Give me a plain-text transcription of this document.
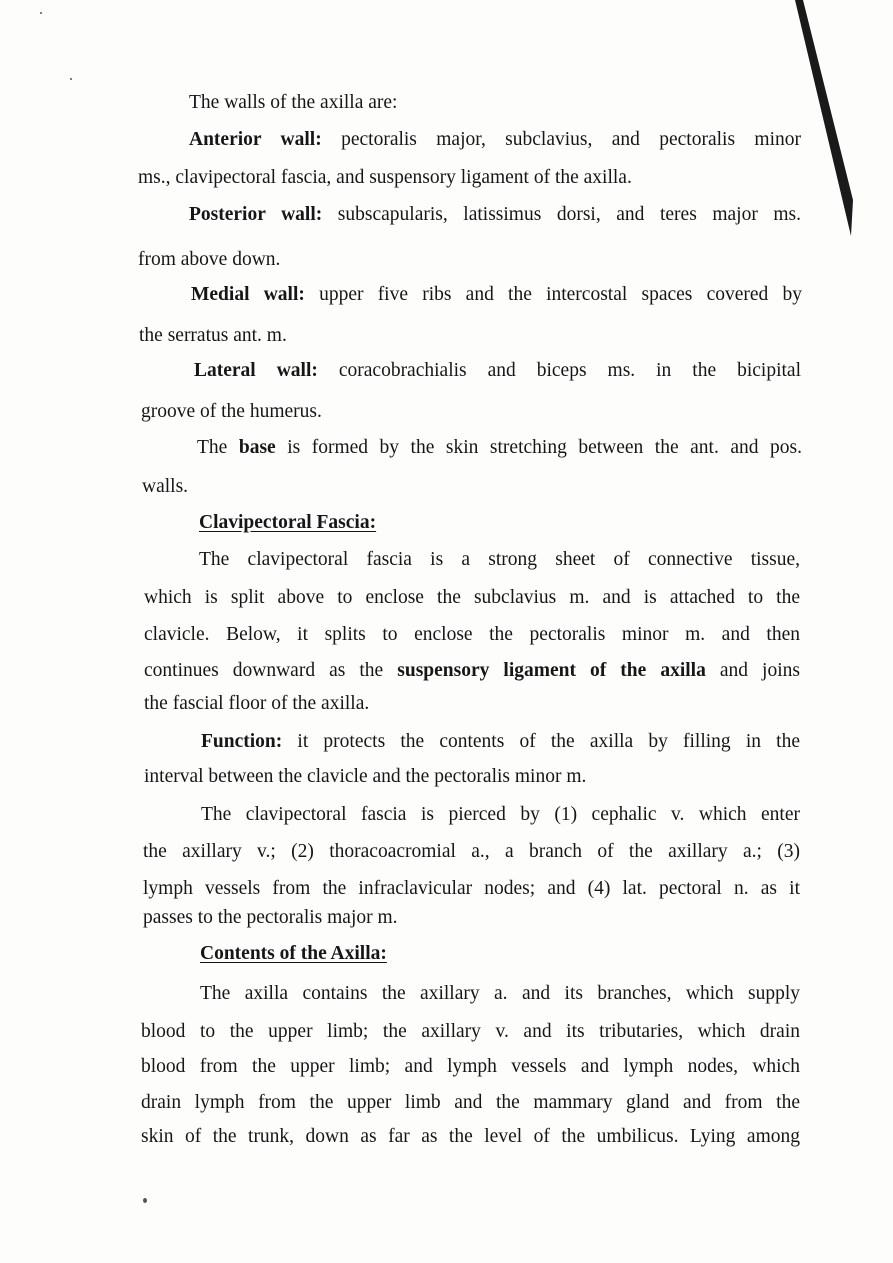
The walls of the axilla are:

Anterior wall: pectoralis major, subclavius, and pectoralis minor

ms., clavipectoral fascia, and suspensory ligament of the axilla.

Posterior wall: subscapularis, latissimus dorsi, and teres major ms.

from above down.

Medial wall: upper five ribs and the intercostal spaces covered by

the serratus ant. m.

Lateral wall: coracobrachialis and biceps ms. in the bicipital

groove of the humerus.

The base is formed by the skin stretching between the ant. and pos.

walls.

Clavipectoral Fascia:

The clavipectoral fascia is a strong sheet of connective tissue,

which is split above to enclose the subclavius m. and is attached to the

clavicle. Below, it splits to enclose the pectoralis minor m. and then

continues downward as the suspensory ligament of the axilla and joins

the fascial floor of the axilla.

Function: it protects the contents of the axilla by filling in the

interval between the clavicle and the pectoralis minor m.

The clavipectoral fascia is pierced by (1) cephalic v. which enter

the axillary v.; (2) thoracoacromial a., a branch of the axillary a.; (3)

lymph vessels from the infraclavicular nodes; and (4) lat. pectoral n. as it

passes to the pectoralis major m.

Contents of the Axilla:

The axilla contains the axillary a. and its branches, which supply

blood to the upper limb; the axillary v. and its tributaries, which drain

blood from the upper limb; and lymph vessels and lymph nodes, which

drain lymph from the upper limb and the mammary gland and from the

skin of the trunk, down as far as the level of the umbilicus. Lying among
